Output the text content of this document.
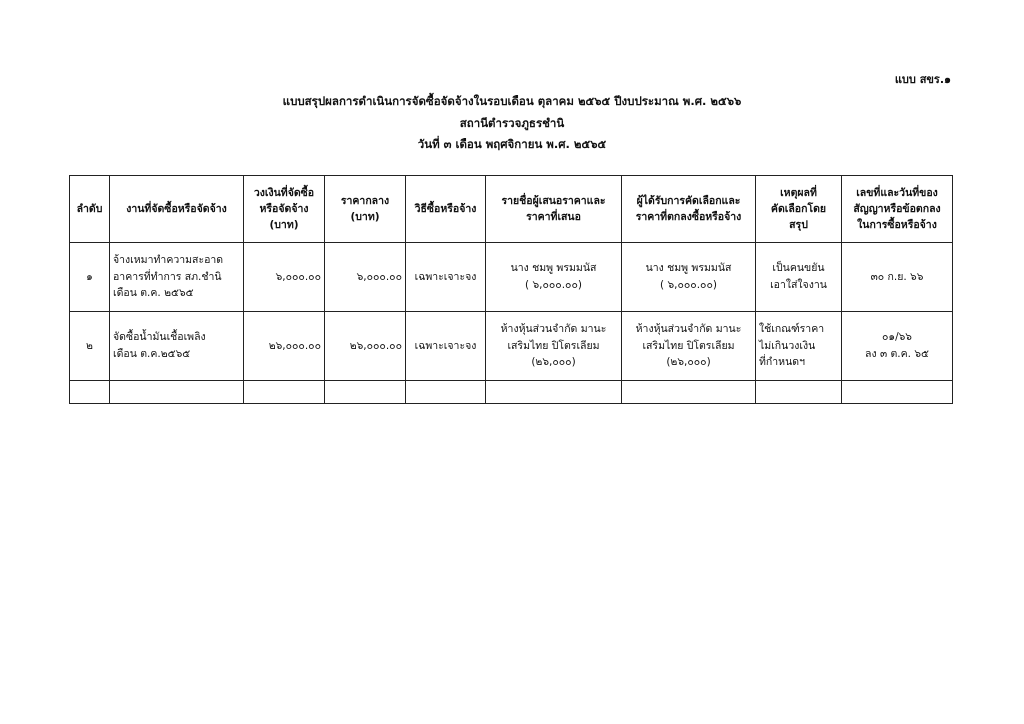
แบบ สขร.๑
แบบสรุปผลการดำเนินการจัดซื้อจัดจ้างในรอบเดือน ตุลาคม ๒๕๖๕ ปีงบประมาณ พ.ศ. ๒๕๖๖
สถานีตำรวจภูธรชำนิ
วันที่ ๓ เดือน พฤศจิกายน พ.ศ. ๒๕๖๕
ลำดับ	งานที่จัดซื้อหรือจัดจ้าง	วงเงินที่จัดซื้อ
หรือจัดจ้าง
(บาท)	ราคากลาง
(บาท)	วิธีซื้อหรือจ้าง	รายชื่อผู้เสนอราคาและ
ราคาที่เสนอ	ผู้ได้รับการคัดเลือกและ
ราคาที่ตกลงซื้อหรือจ้าง	เหตุผลที่
คัดเลือกโดย
สรุป	เลขที่และวันที่ของ
สัญญาหรือข้อตกลง
ในการซื้อหรือจ้าง

๑	จ้างเหมาทำความสะอาด
อาคารที่ทำการ สภ.ชำนิ
เดือน ต.ค. ๒๕๖๕	๖,๐๐๐.๐๐	๖,๐๐๐.๐๐	เฉพาะเจาะจง	นาง ชมพู พรมมนัส
( ๖,๐๐๐.๐๐)	นาง ชมพู พรมมนัส
( ๖,๐๐๐.๐๐)	เป็นคนขยัน
เอาใส่ใจงาน	๓๐ ก.ย. ๖๖

๒	จัดซื้อน้ำมันเชื้อเพลิง
เดือน ต.ค.๒๕๖๕	๒๖,๐๐๐.๐๐	๒๖,๐๐๐.๐๐	เฉพาะเจาะจง	ห้างหุ้นส่วนจำกัด มานะ
เสริมไทย ปิโตรเลียม
(๒๖,๐๐๐)	ห้างหุ้นส่วนจำกัด มานะ
เสริมไทย ปิโตรเลียม
(๒๖,๐๐๐)	ใช้เกณฑ์ราคา
ไม่เกินวงเงิน
ที่กำหนดฯ	๐๑/๖๖
ลง ๓ ต.ค. ๖๕
